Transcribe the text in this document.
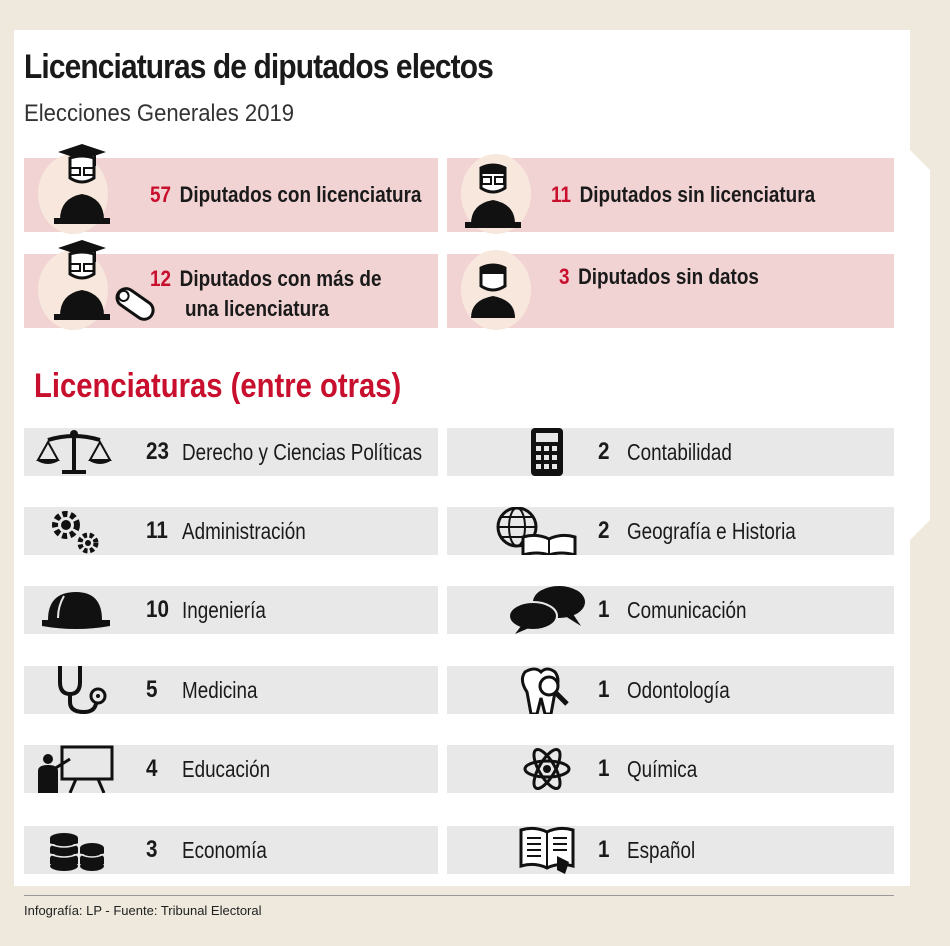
Licenciaturas de diputados electos
Elecciones Generales 2019
57 Diputados con licenciatura	11 Diputados sin licenciatura
12 Diputados con más de
una licenciatura
3 Diputados sin datos
Licenciaturas (entre otras)
23 Derecho y Ciencias Políticas
11 Administración
10 Ingeniería
5 Medicina
4 Educación
3 Economía
2 Contabilidad
2 Geografía e Historia
1 Comunicación
1 Odontología
1 Química
1 Español
Infografía: LP - Fuente: Tribunal Electoral
